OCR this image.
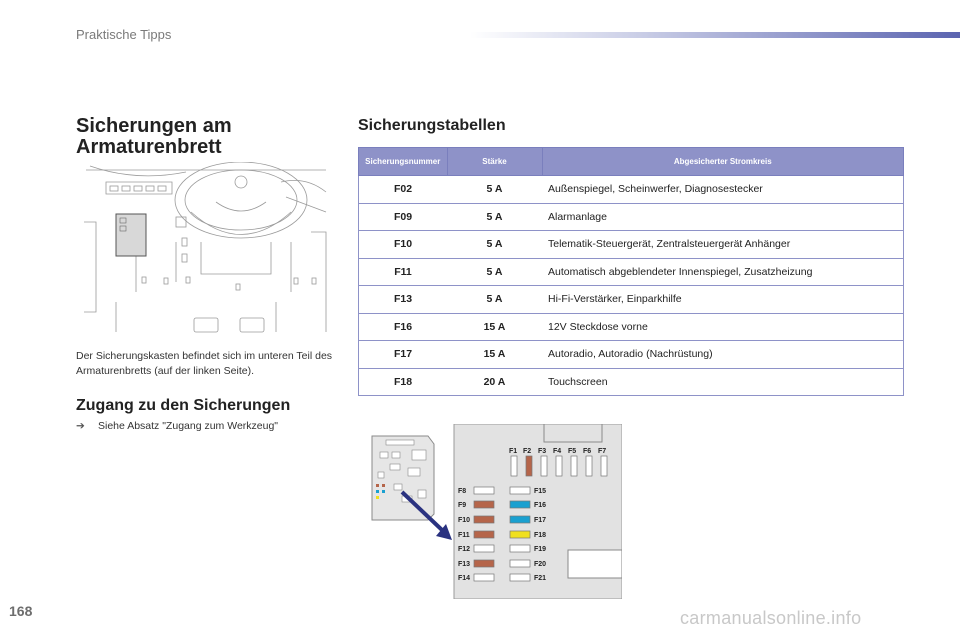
Praktische Tipps
Sicherungen am
Armaturenbrett
Der Sicherungskasten befindet sich im unteren Teil des Armaturenbretts (auf der linken Seite).
Zugang zu den Sicherungen
➔ Siehe Absatz "Zugang zum Werkzeug"
Sicherungstabellen
Sicherungsnummer	Stärke	Abgesicherter Stromkreis
F02	5 A	Außenspiegel, Scheinwerfer, Diagnosestecker
F09	5 A	Alarmanlage
F10	5 A	Telematik-Steuergerät, Zentralsteuergerät Anhänger
F11	5 A	Automatisch abgeblendeter Innenspiegel, Zusatzheizung
F13	5 A	Hi-Fi-Verstärker, Einparkhilfe
F16	15 A	12V Steckdose vorne
F17	15 A	Autoradio, Autoradio (Nachrüstung)
F18	20 A	Touchscreen
F1 F2 F3 F4 F5 F6 F7
F8
F9
F10
F11
F12
F13
F14
F15
F16
F17
F18
F19
F20
F21
168	carmanualsonline.info
